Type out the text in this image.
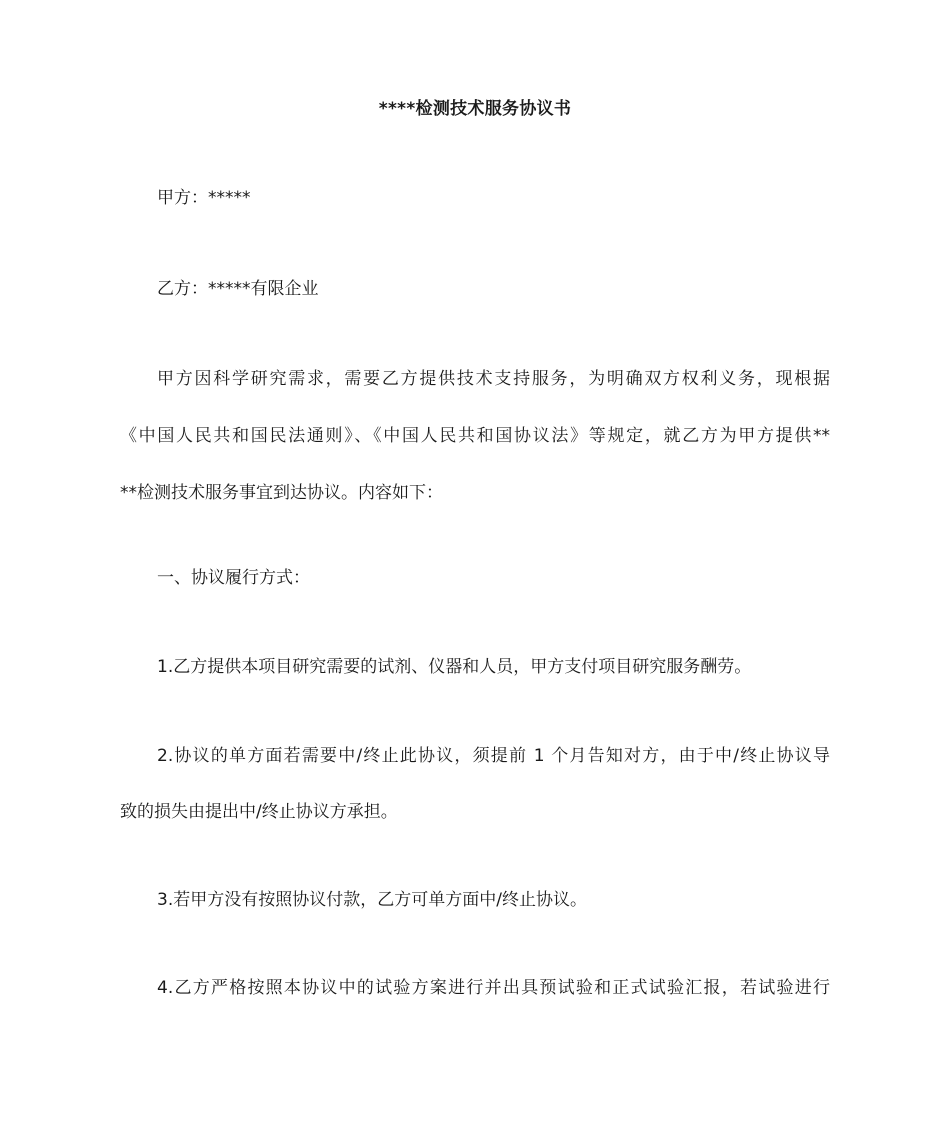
****检测技术服务协议书
甲方：*****
乙方：*****有限企业
甲方因科学研究需求，需要乙方提供技术支持服务，为明确双方权利义务，现根据
《中国人民共和国民法通则》、《中国人民共和国协议法》等规定，就乙方为甲方提供**
**检测技术服务事宜到达协议。内容如下：
一、协议履行方式：
1.乙方提供本项目研究需要的试剂、仪器和人员，甲方支付项目研究服务酬劳。
2.协议的单方面若需要中/终止此协议，须提前 1 个月告知对方，由于中/终止协议导
致的损失由提出中/终止协议方承担。
3.若甲方没有按照协议付款，乙方可单方面中/终止协议。
4.乙方严格按照本协议中的试验方案进行并出具预试验和正式试验汇报，若试验进行
